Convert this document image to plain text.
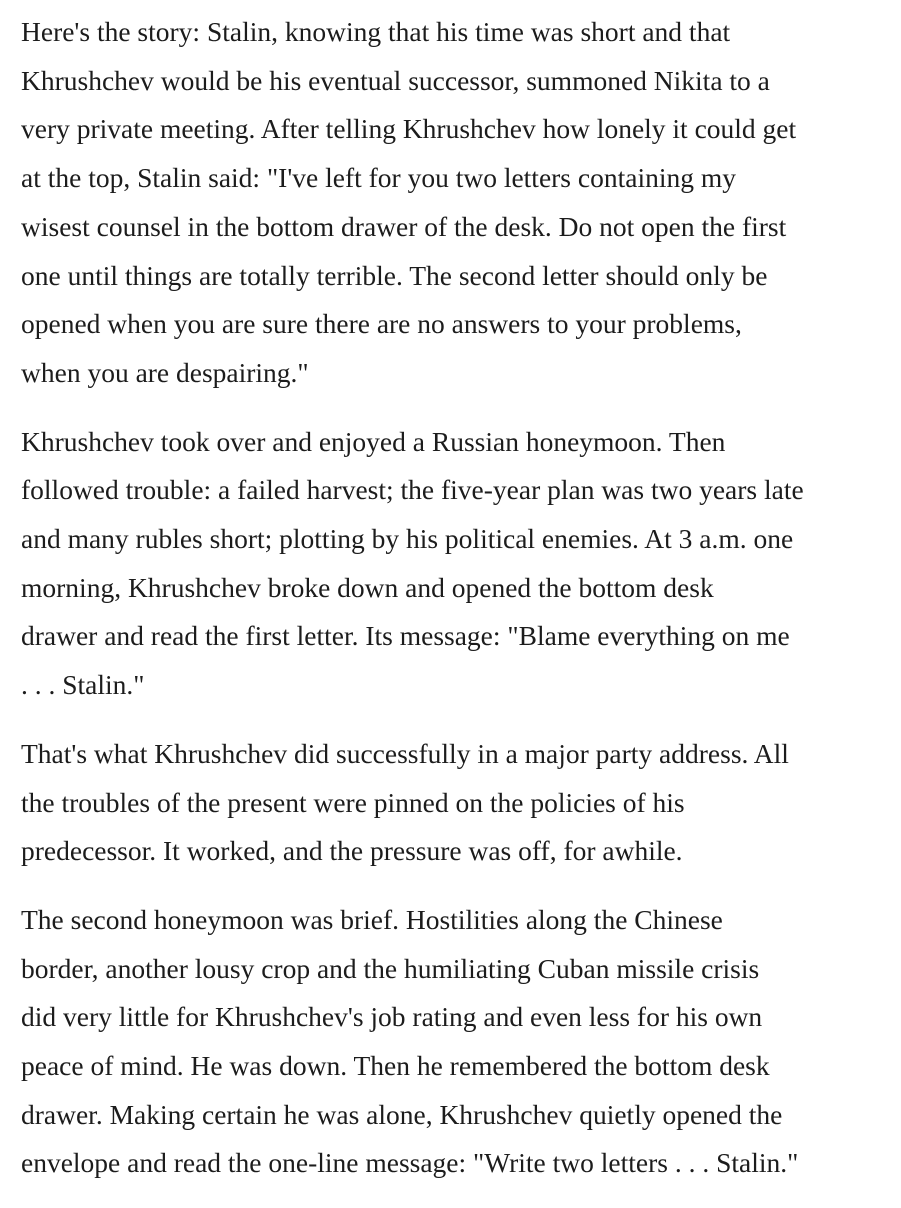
Here's the story: Stalin, knowing that his time was short and that
Khrushchev would be his eventual successor, summoned Nikita to a
very private meeting. After telling Khrushchev how lonely it could get
at the top, Stalin said: "I've left for you two letters containing my
wisest counsel in the bottom drawer of the desk. Do not open the first
one until things are totally terrible. The second letter should only be
opened when you are sure there are no answers to your problems,
when you are despairing."

Khrushchev took over and enjoyed a Russian honeymoon. Then
followed trouble: a failed harvest; the five-year plan was two years late
and many rubles short; plotting by his political enemies. At 3 a.m. one
morning, Khrushchev broke down and opened the bottom desk
drawer and read the first letter. Its message: "Blame everything on me
. . . Stalin."

That's what Khrushchev did successfully in a major party address. All
the troubles of the present were pinned on the policies of his
predecessor. It worked, and the pressure was off, for awhile.

The second honeymoon was brief. Hostilities along the Chinese
border, another lousy crop and the humiliating Cuban missile crisis
did very little for Khrushchev's job rating and even less for his own
peace of mind. He was down. Then he remembered the bottom desk
drawer. Making certain he was alone, Khrushchev quietly opened the
envelope and read the one-line message: "Write two letters . . . Stalin."
